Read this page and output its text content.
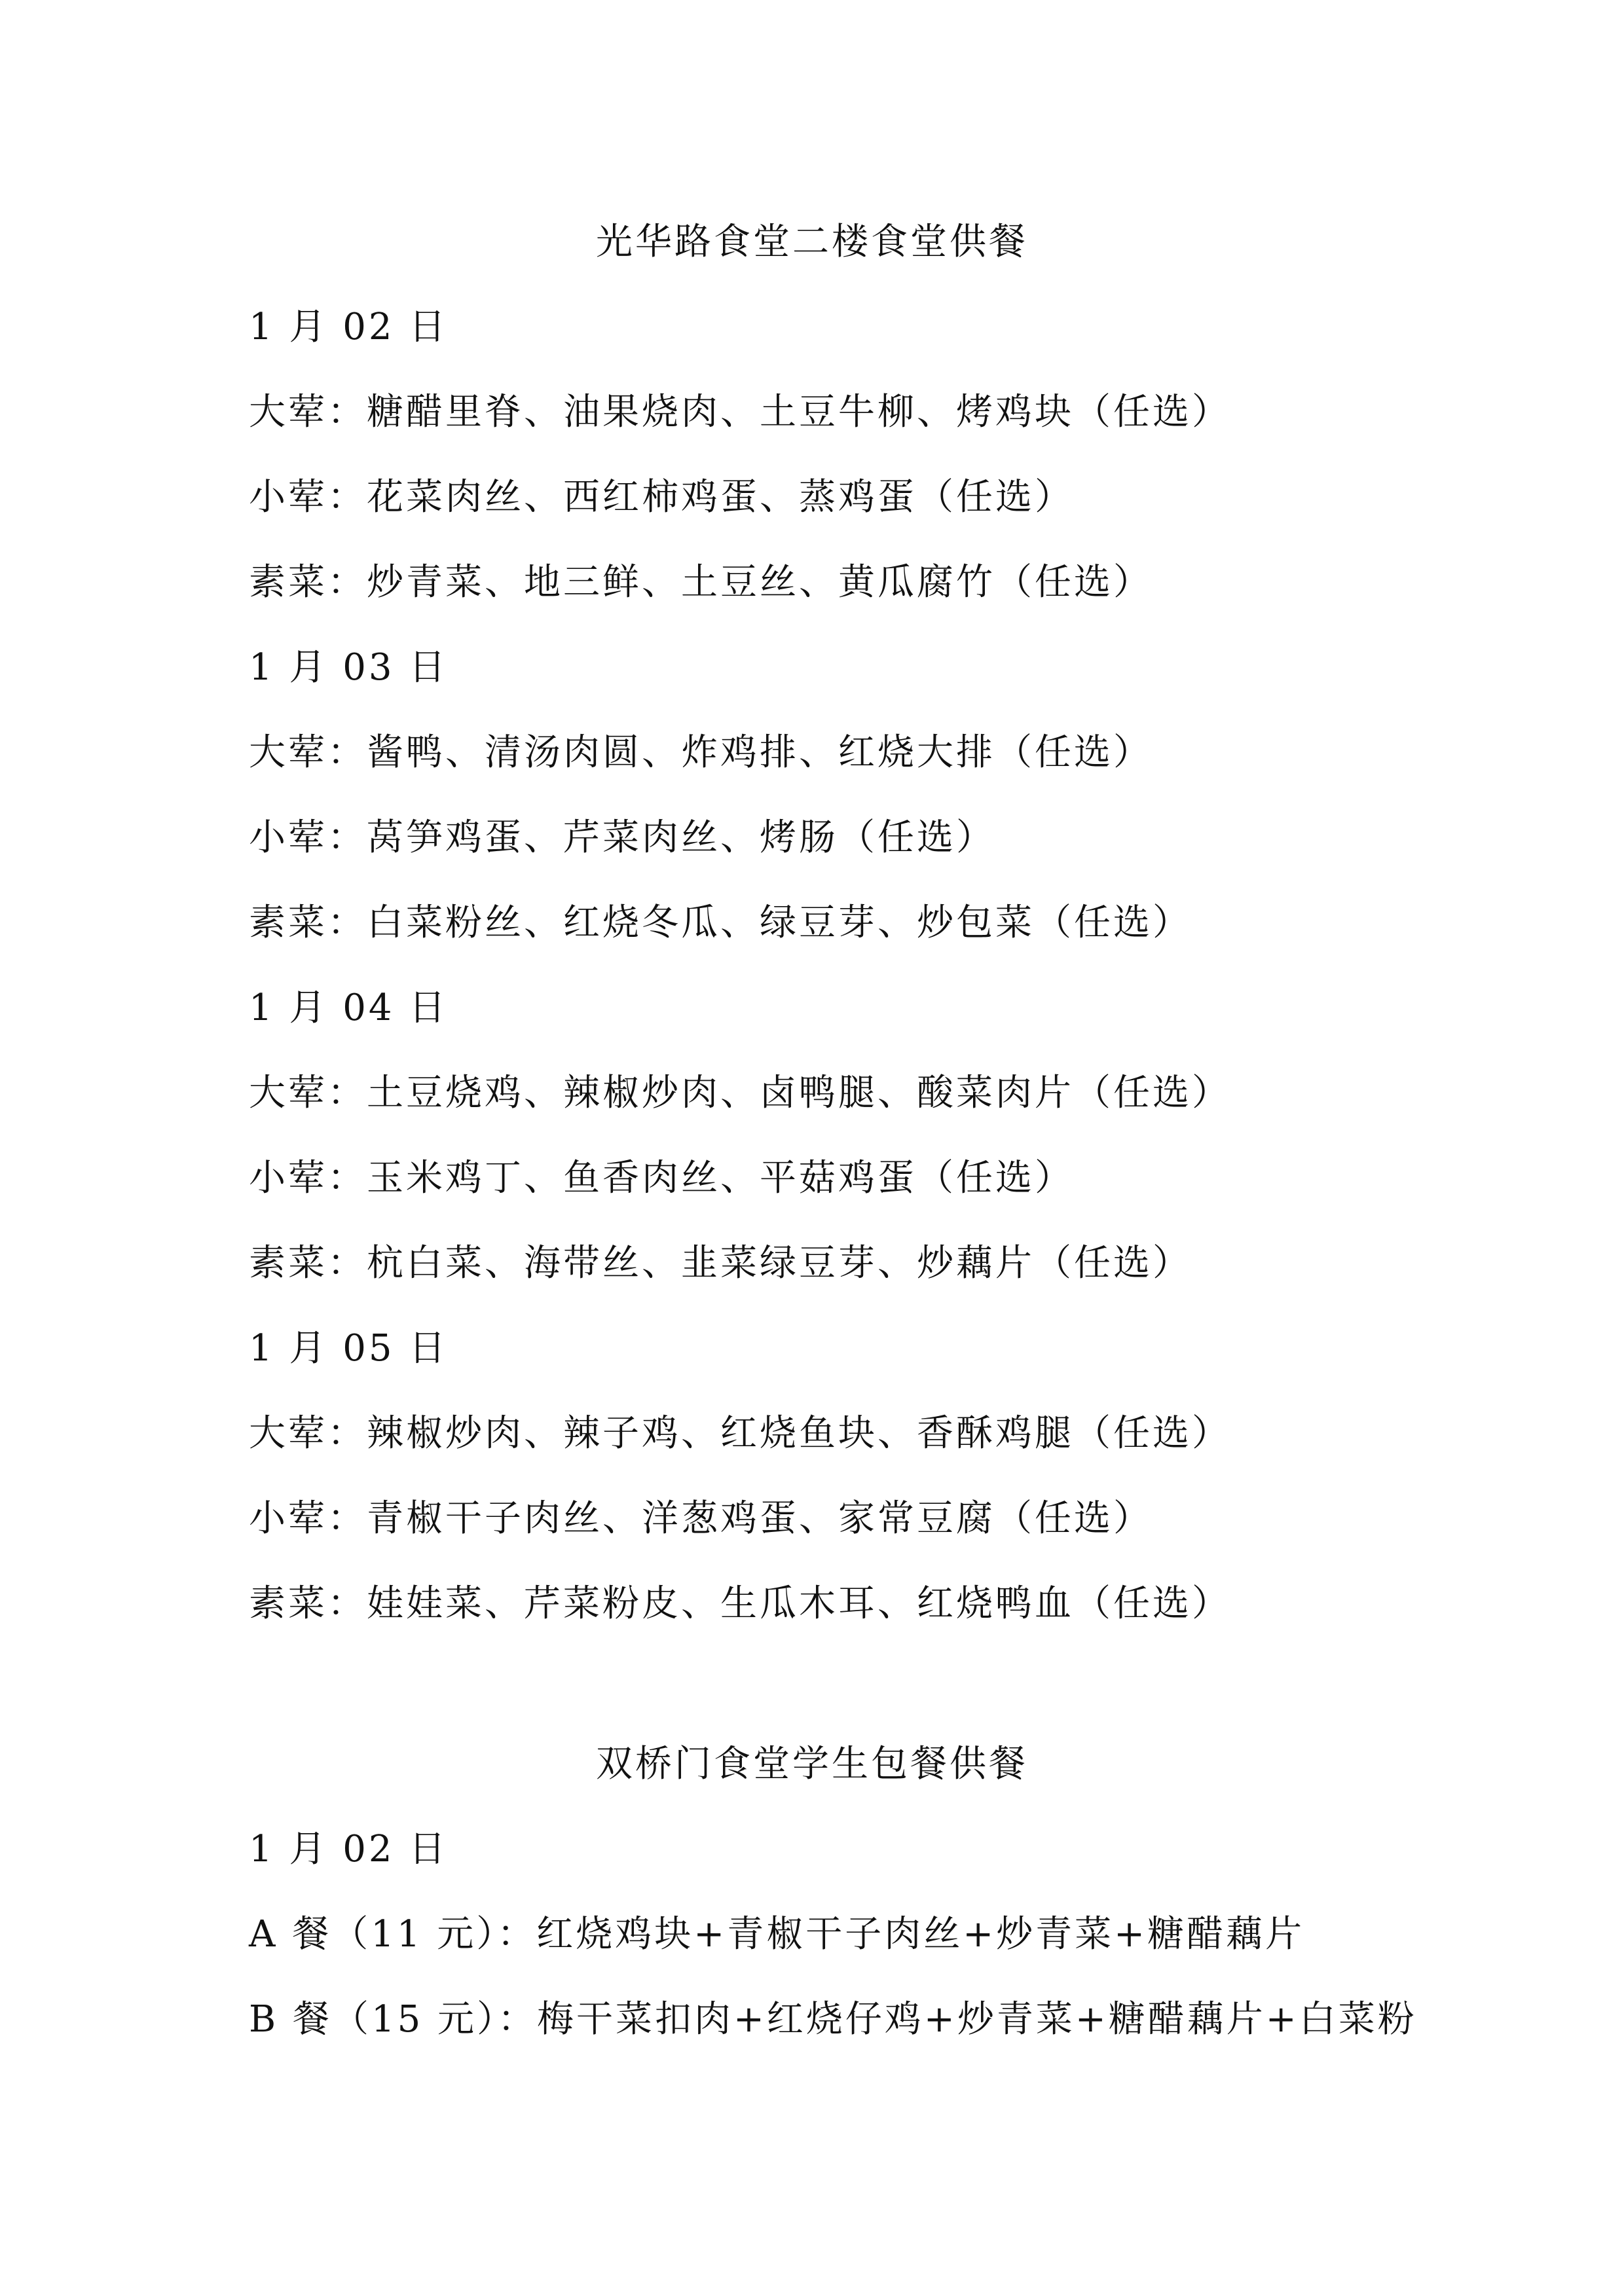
光华路食堂二楼食堂供餐
1 月 02 日
大荤：糖醋里脊、油果烧肉、土豆牛柳、烤鸡块（任选）
小荤：花菜肉丝、西红柿鸡蛋、蒸鸡蛋（任选）
素菜：炒青菜、地三鲜、土豆丝、黄瓜腐竹（任选）
1 月 03 日
大荤：酱鸭、清汤肉圆、炸鸡排、红烧大排（任选）
小荤：莴笋鸡蛋、芹菜肉丝、烤肠（任选）
素菜：白菜粉丝、红烧冬瓜、绿豆芽、炒包菜（任选）
1 月 04 日
大荤：土豆烧鸡、辣椒炒肉、卤鸭腿、酸菜肉片（任选）
小荤：玉米鸡丁、鱼香肉丝、平菇鸡蛋（任选）
素菜：杭白菜、海带丝、韭菜绿豆芽、炒藕片（任选）
1 月 05 日
大荤：辣椒炒肉、辣子鸡、红烧鱼块、香酥鸡腿（任选）
小荤：青椒干子肉丝、洋葱鸡蛋、家常豆腐（任选）
素菜：娃娃菜、芹菜粉皮、生瓜木耳、红烧鸭血（任选）
双桥门食堂学生包餐供餐
1 月 02 日
A 餐（11 元）：红烧鸡块+青椒干子肉丝+炒青菜+糖醋藕片
B 餐（15 元）：梅干菜扣肉+红烧仔鸡+炒青菜+糖醋藕片+白菜粉
